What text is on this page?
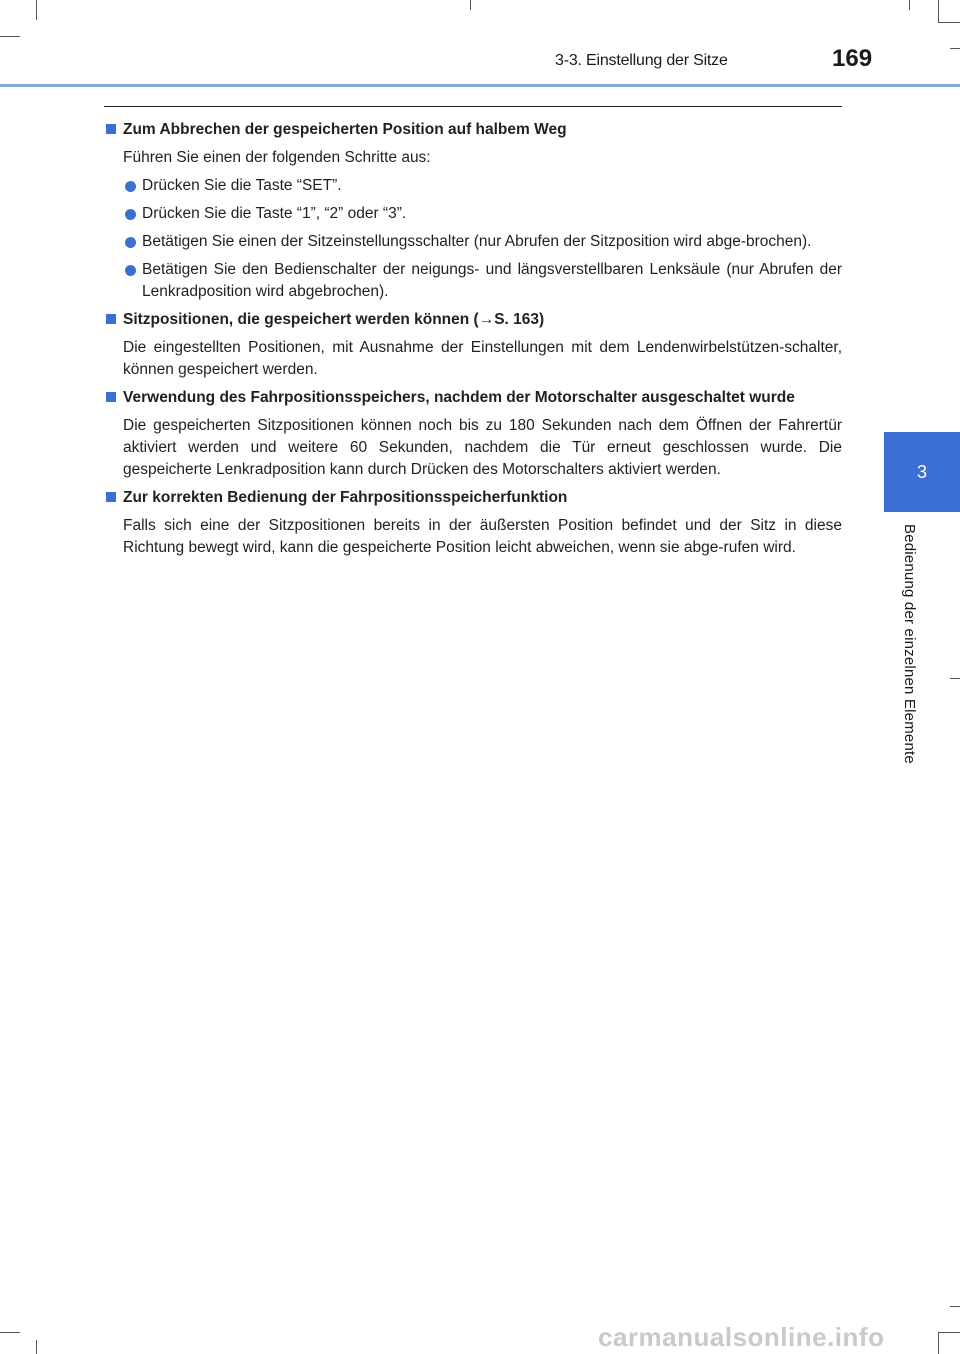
3-3. Einstellung der Sitze	169
3
Bedienung der einzelnen Elemente

Zum Abbrechen der gespeicherten Position auf halbem Weg

Führen Sie einen der folgenden Schritte aus:

Drücken Sie die Taste “SET”.
Drücken Sie die Taste “1”, “2” oder “3”.
Betätigen Sie einen der Sitzeinstellungsschalter (nur Abrufen der Sitzposition wird abge-brochen).
Betätigen Sie den Bedienschalter der neigungs- und längsverstellbaren Lenksäule (nur Abrufen der Lenkradposition wird abgebrochen).

Sitzpositionen, die gespeichert werden können (→S. 163)

Die eingestellten Positionen, mit Ausnahme der Einstellungen mit dem Lendenwirbelstützen-schalter, können gespeichert werden.

Verwendung des Fahrpositionsspeichers, nachdem der Motorschalter ausgeschaltet wurde

Die gespeicherten Sitzpositionen können noch bis zu 180 Sekunden nach dem Öffnen der Fahrertür aktiviert werden und weitere 60 Sekunden, nachdem die Tür erneut geschlossen wurde. Die gespeicherte Lenkradposition kann durch Drücken des Motorschalters aktiviert werden.

Zur korrekten Bedienung der Fahrpositionsspeicherfunktion

Falls sich eine der Sitzpositionen bereits in der äußersten Position befindet und der Sitz in diese Richtung bewegt wird, kann die gespeicherte Position leicht abweichen, wenn sie abge-rufen wird.

carmanualsonline.info
